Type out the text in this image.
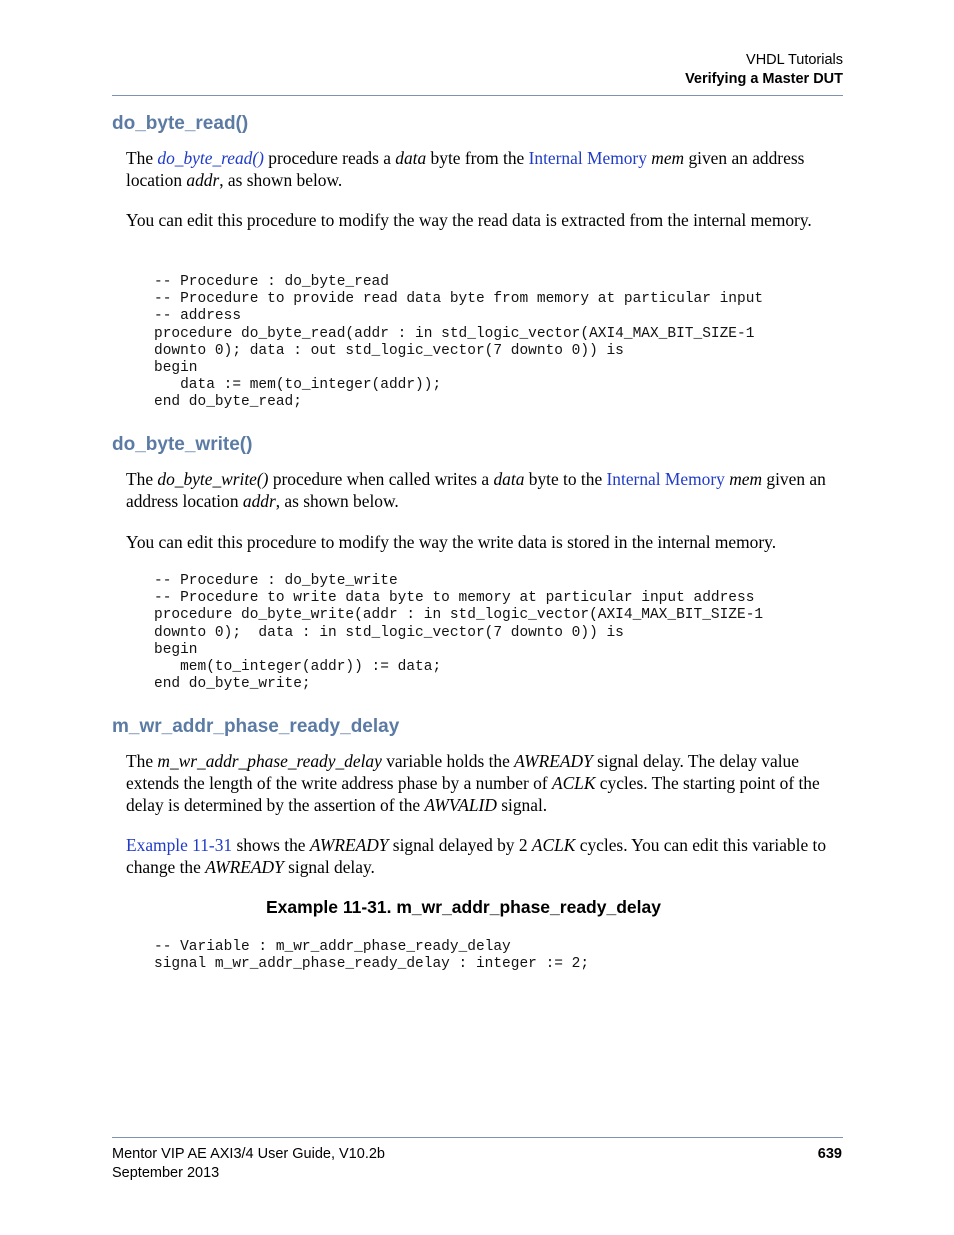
VHDL Tutorials
Verifying a Master DUT
do_byte_read()

The do_byte_read() procedure reads a data byte from the Internal Memory mem given an address location addr, as shown below.

You can edit this procedure to modify the way the read data is extracted from the internal memory.

-- Procedure : do_byte_read
-- Procedure to provide read data byte from memory at particular input
-- address
procedure do_byte_read(addr : in std_logic_vector(AXI4_MAX_BIT_SIZE-1
downto 0); data : out std_logic_vector(7 downto 0)) is
begin
data := mem(to_integer(addr));
end do_byte_read;
do_byte_write()

The do_byte_write() procedure when called writes a data byte to the Internal Memory mem given an address location addr, as shown below.

You can edit this procedure to modify the way the write data is stored in the internal memory.

-- Procedure : do_byte_write
-- Procedure to write data byte to memory at particular input address
procedure do_byte_write(addr : in std_logic_vector(AXI4_MAX_BIT_SIZE-1
downto 0);  data : in std_logic_vector(7 downto 0)) is
begin
mem(to_integer(addr)) := data;
end do_byte_write;
m_wr_addr_phase_ready_delay

The m_wr_addr_phase_ready_delay variable holds the AWREADY signal delay. The delay value extends the length of the write address phase by a number of ACLK cycles. The starting point of the delay is determined by the assertion of the AWVALID signal.

Example 11-31 shows the AWREADY signal delayed by 2 ACLK cycles. You can edit this variable to change the AWREADY signal delay.

Example 11-31. m_wr_addr_phase_ready_delay

-- Variable : m_wr_addr_phase_ready_delay
signal m_wr_addr_phase_ready_delay : integer := 2;
Mentor VIP AE AXI3/4 User Guide, V10.2b
September 2013
639
